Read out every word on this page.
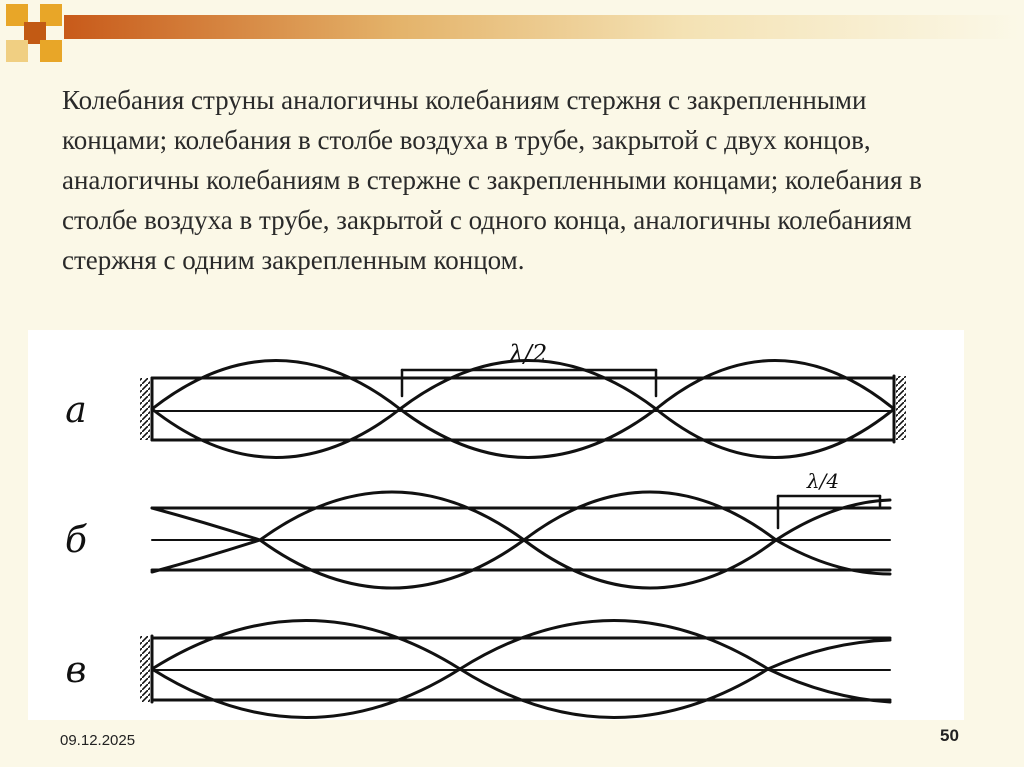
Колебания струны аналогичны колебаниям стержня с закрепленными концами; колебания в столбе воздуха в трубе, закрытой с двух концов, аналогичны колебаниям в стержне с закрепленными концами; колебания в столбе воздуха в трубе, закрытой с одного конца, аналогичны колебаниям стержня с одним закрепленным концом.
λ/2
а
λ/4
б
в
09.12.2025	50
